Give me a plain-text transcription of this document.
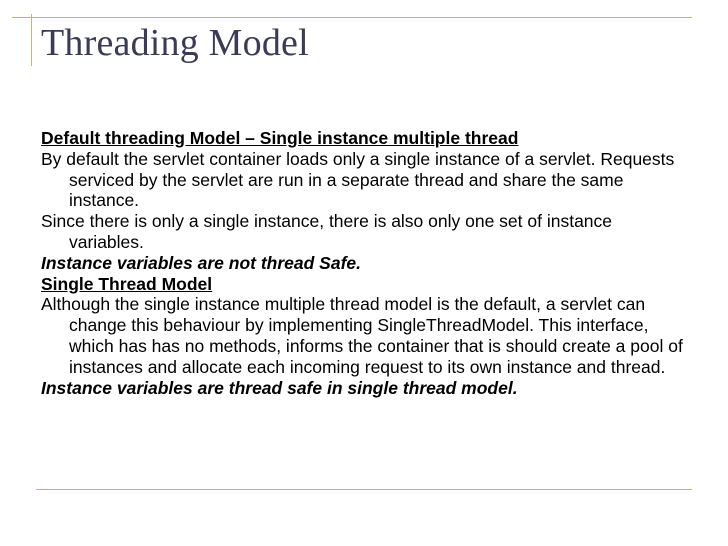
Threading Model

Default threading Model – Single instance multiple thread

By default the servlet container loads only a single instance of a servlet. Requests serviced by the servlet are run in a separate thread and share the same instance.

Since there is only a single instance, there is also only one set of instance variables.

Instance variables are not thread Safe.

Single Thread Model

Although the single instance multiple thread model is the default, a servlet can change this behaviour by implementing SingleThreadModel. This interface, which has has no methods, informs the container that is should create a pool of instances and allocate each incoming request to its own instance and thread.

Instance variables are thread safe in single thread model.
